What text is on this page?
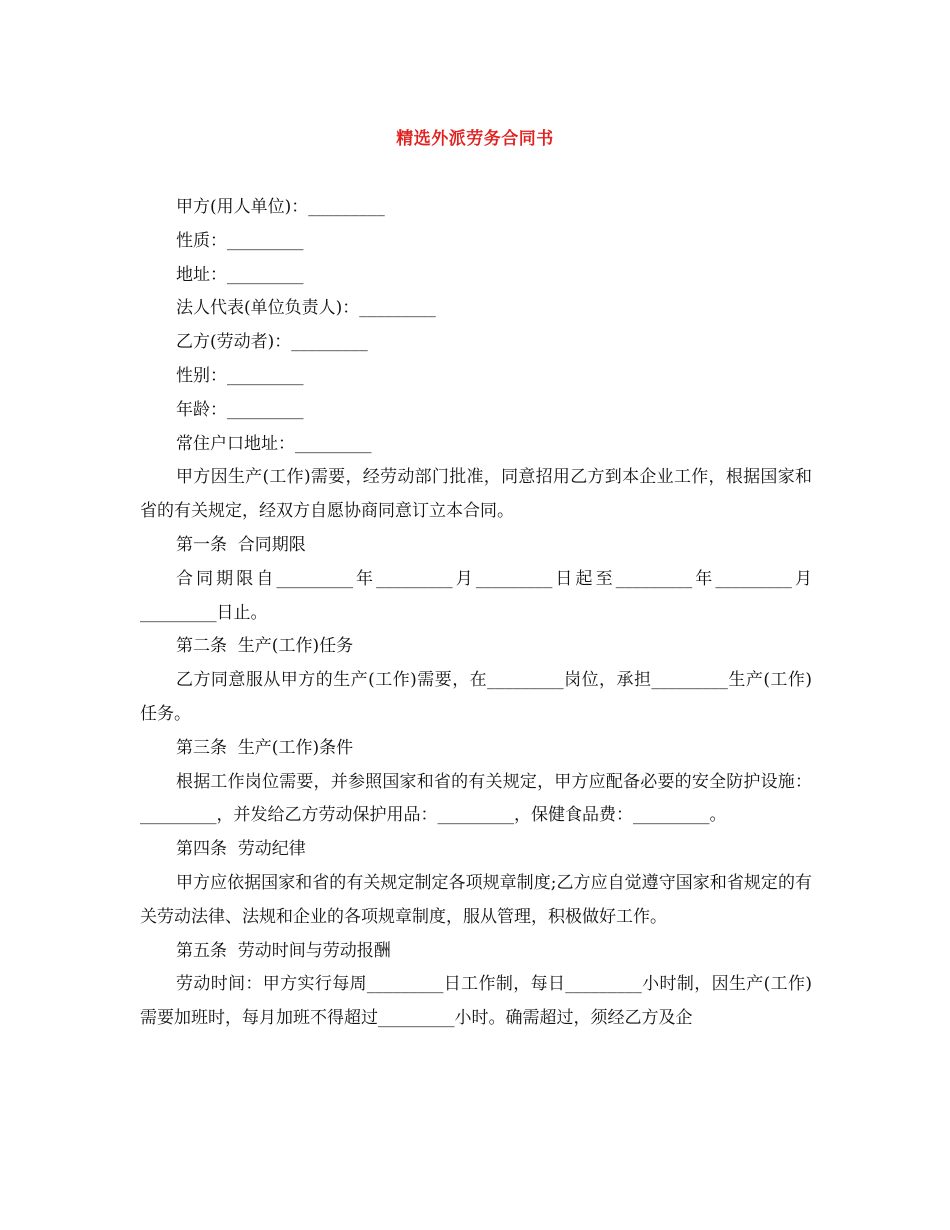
精选外派劳务合同书
甲方(用人单位)：_________
性质：_________
地址：_________
法人代表(单位负责人)：_________
乙方(劳动者)：_________
性别：_________
年龄：_________
常住户口地址：_________
甲方因生产(工作)需要，经劳动部门批准，同意招用乙方到本企业工作，根据国家和省的有关规定，经双方自愿协商同意订立本合同。
第一条  合同期限
合同期限自_________年_________月_________日起至_________年_________月_________日止。
第二条  生产(工作)任务
乙方同意服从甲方的生产(工作)需要，在_________岗位，承担_________生产(工作)任务。
第三条  生产(工作)条件
根据工作岗位需要，并参照国家和省的有关规定，甲方应配备必要的安全防护设施：_________，并发给乙方劳动保护用品：_________，保健食品费：_________。
第四条  劳动纪律
甲方应依据国家和省的有关规定制定各项规章制度;乙方应自觉遵守国家和省规定的有关劳动法律、法规和企业的各项规章制度，服从管理，积极做好工作。
第五条  劳动时间与劳动报酬
劳动时间：甲方实行每周_________日工作制，每日_________小时制，因生产(工作)需要加班时，每月加班不得超过_________小时。确需超过，须经乙方及企
